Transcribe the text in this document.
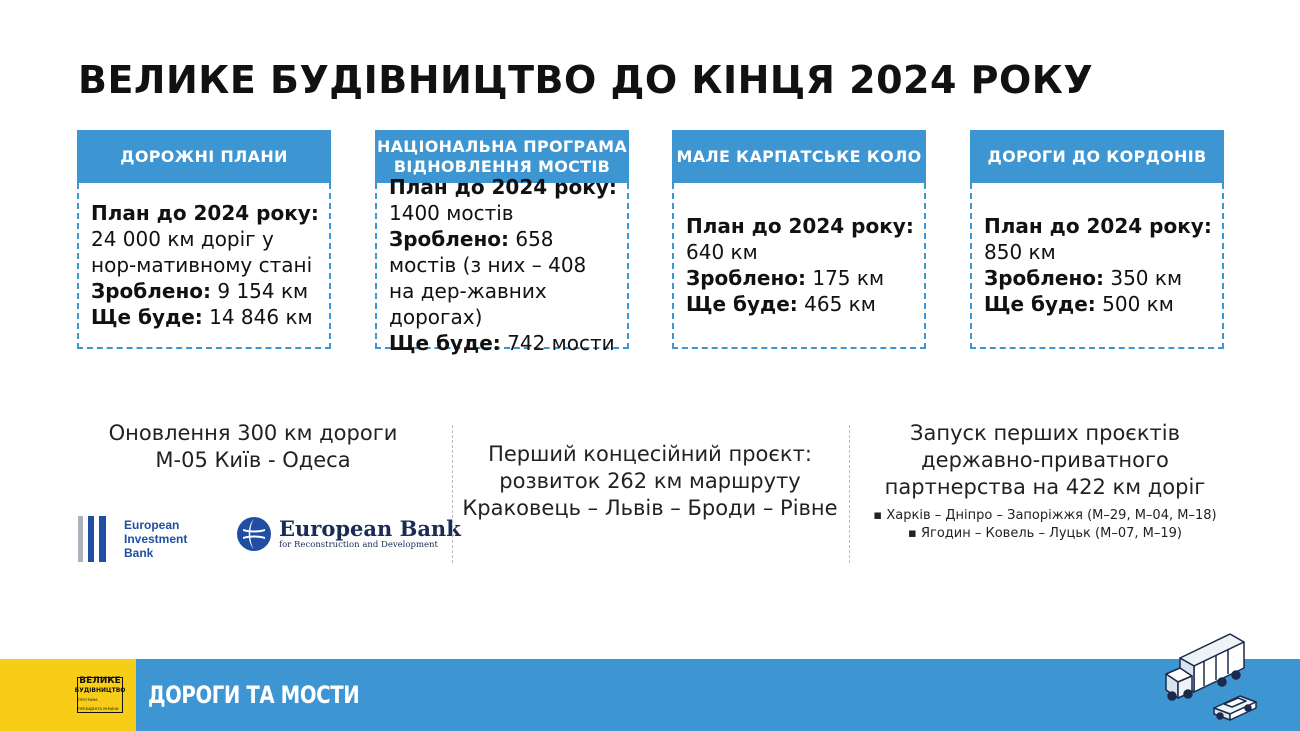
ВЕЛИКЕ БУДІВНИЦТВО ДО КІНЦЯ 2024 РОКУ
ДОРОЖНІ ПЛАНИ

План до 2024 року:

24 000 км доріг у нор-мативному стані

Зроблено: 9 154 км

Ще буде: 14 846 км

НАЦІОНАЛЬНА ПРОГРАМА ВІДНОВЛЕННЯ МОСТІВ

План до 2024 року:

1400 мостів

Зроблено: 658 мостів (з них – 408 на дер-жавних дорогах)

Ще буде: 742 мости

МАЛЕ КАРПАТСЬКЕ КОЛО

План до 2024 року:

640 км

Зроблено: 175 км

Ще буде: 465 км

ДОРОГИ ДО КОРДОНІВ

План до 2024 року:

850 км

Зроблено: 350 км

Ще буде: 500 км

Оновлення 300 км дороги
М-05 Київ - Одеса
European
Investment
Bank
European Bank
for Reconstruction and Development
Перший концесійний проєкт:
розвиток 262 км маршруту
Краковець – Львів – Броди – Рівне
Запуск перших проєктів
державно-приватного
партнерства на 422 км доріг
▪ Харків – Дніпро – Запоріжжя (М–29, М–04, М–18)
▪ Ягодин – Ковель – Луцьк (М–07, М–19)
ВЕЛИКЕ
БУДІВНИЦТВО
ПРОГРАМА ПРЕЗИДЕНТА УКРАЇНИ ДОРОГИ ТА МОСТИ
